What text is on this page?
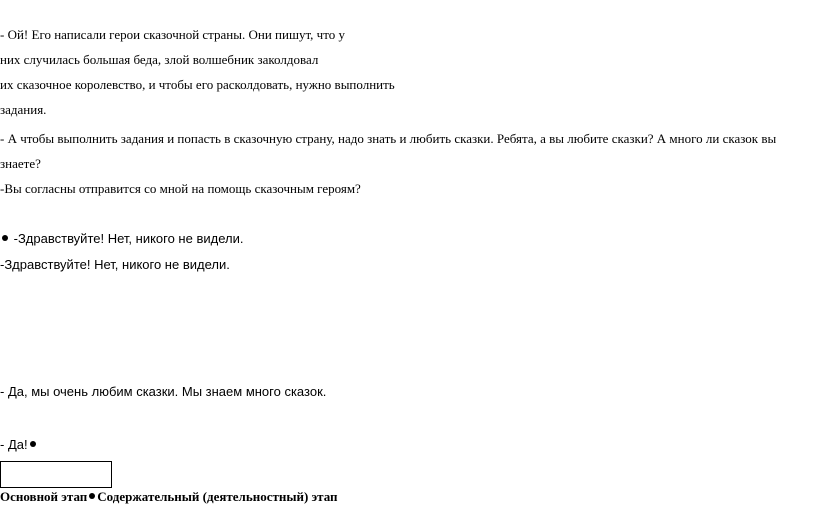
- Ой! Его написали герои сказочной страны. Они пишут, что у
них случилась большая беда, злой волшебник заколдовал
их сказочное королевство, и чтобы его расколдовать, нужно выполнить
задания.
- А чтобы выполнить задания и попасть в сказочную страну, надо знать и любить сказки. Ребята, а вы любите сказки? А много ли сказок вы
знаете?
-Вы согласны отправится со мной на помощь сказочным героям?
-Здравствуйте! Нет, никого не видели.
-Здравствуйте! Нет, никого не видели.
- Да, мы очень любим сказки. Мы знаем много сказок.
- Да!
Основной этап Содержательный (деятельностный) этап
